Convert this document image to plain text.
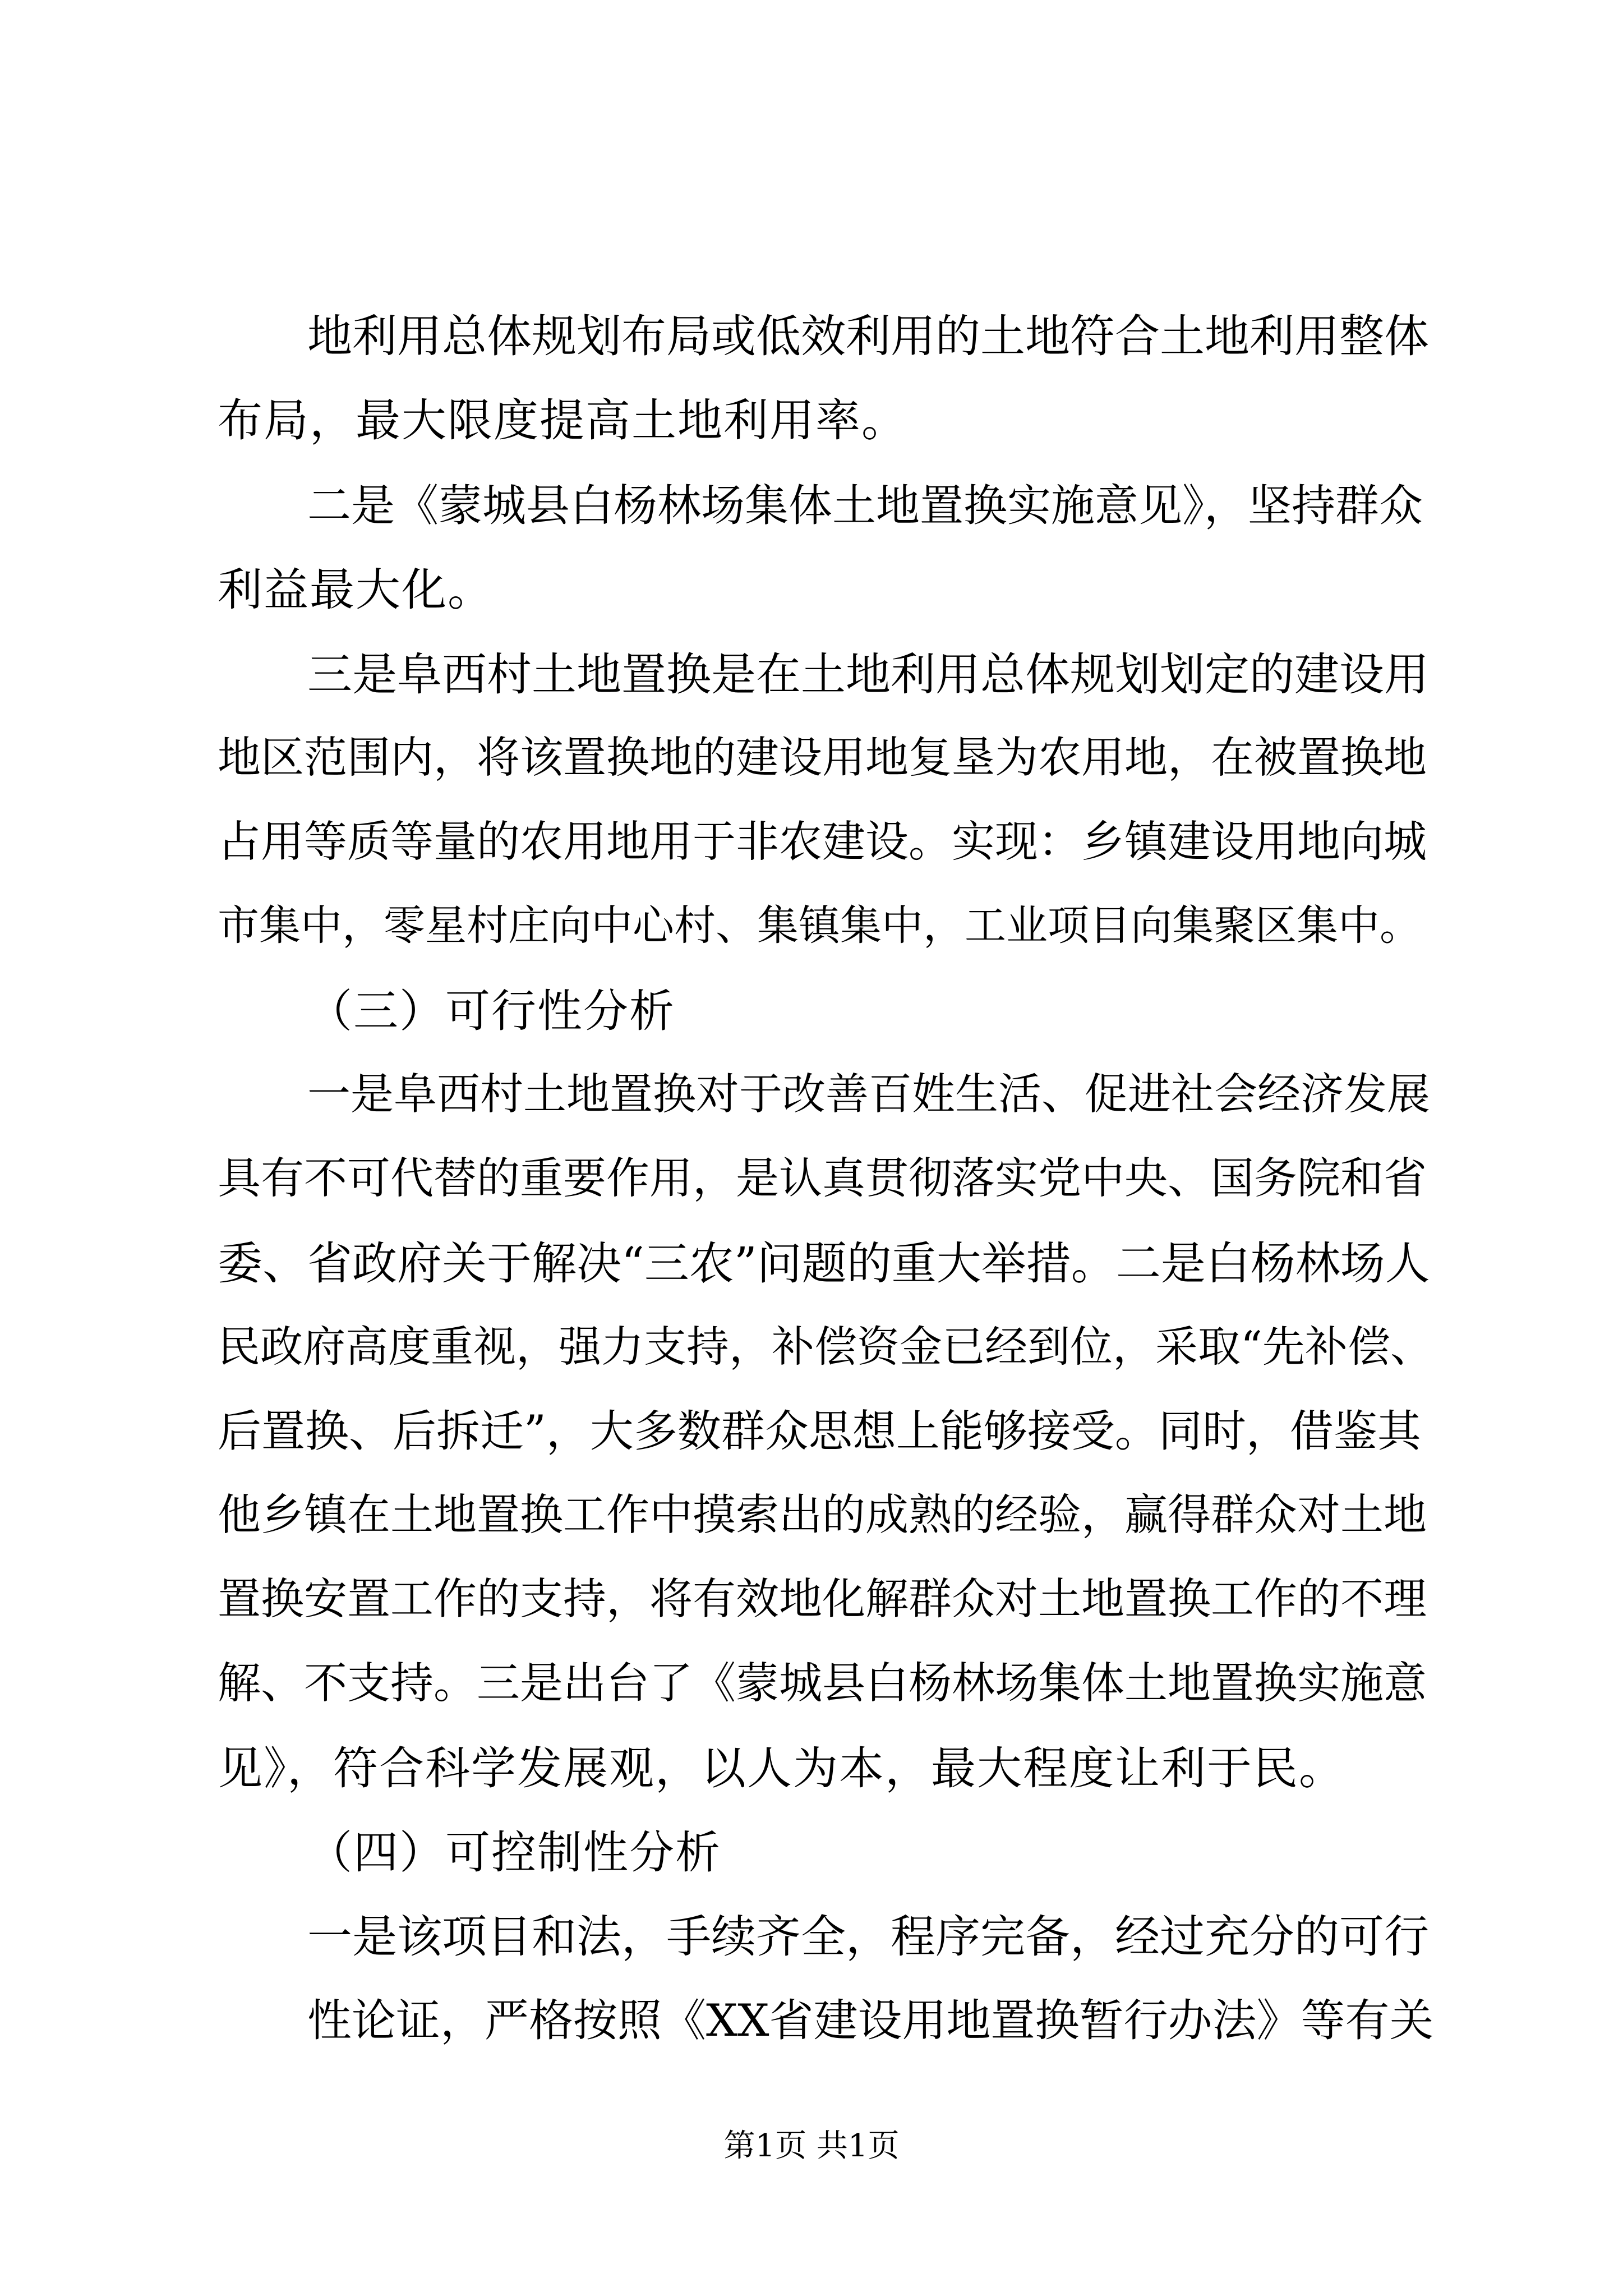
地利用总体规划布局或低效利用的土地符合土地利用整体
布局，最大限度提高土地利用率。
二是《蒙城县白杨林场集体土地置换实施意见》，坚持群众
利益最大化。
三是阜西村土地置换是在土地利用总体规划划定的建设用
地区范围内，将该置换地的建设用地复垦为农用地，在被置换地
占用等质等量的农用地用于非农建设。实现：乡镇建设用地向城
市集中，零星村庄向中心村、集镇集中，工业项目向集聚区集中。
（三）可行性分析
一是阜西村土地置换对于改善百姓生活、促进社会经济发展
具有不可代替的重要作用，是认真贯彻落实党中央、国务院和省
委、省政府关于解决“三农”问题的重大举措。二是白杨林场人
民政府高度重视，强力支持，补偿资金已经到位，采取“先补偿、
后置换、后拆迁”，大多数群众思想上能够接受。同时，借鉴其
他乡镇在土地置换工作中摸索出的成熟的经验，赢得群众对土地
置换安置工作的支持，将有效地化解群众对土地置换工作的不理
解、不支持。三是出台了《蒙城县白杨林场集体土地置换实施意
见》，符合科学发展观，以人为本，最大程度让利于民。
（四）可控制性分析
一是该项目和法，手续齐全，程序完备，经过充分的可行
性论证，严格按照《XX省建设用地置换暂行办法》等有关
第1页 共1页
